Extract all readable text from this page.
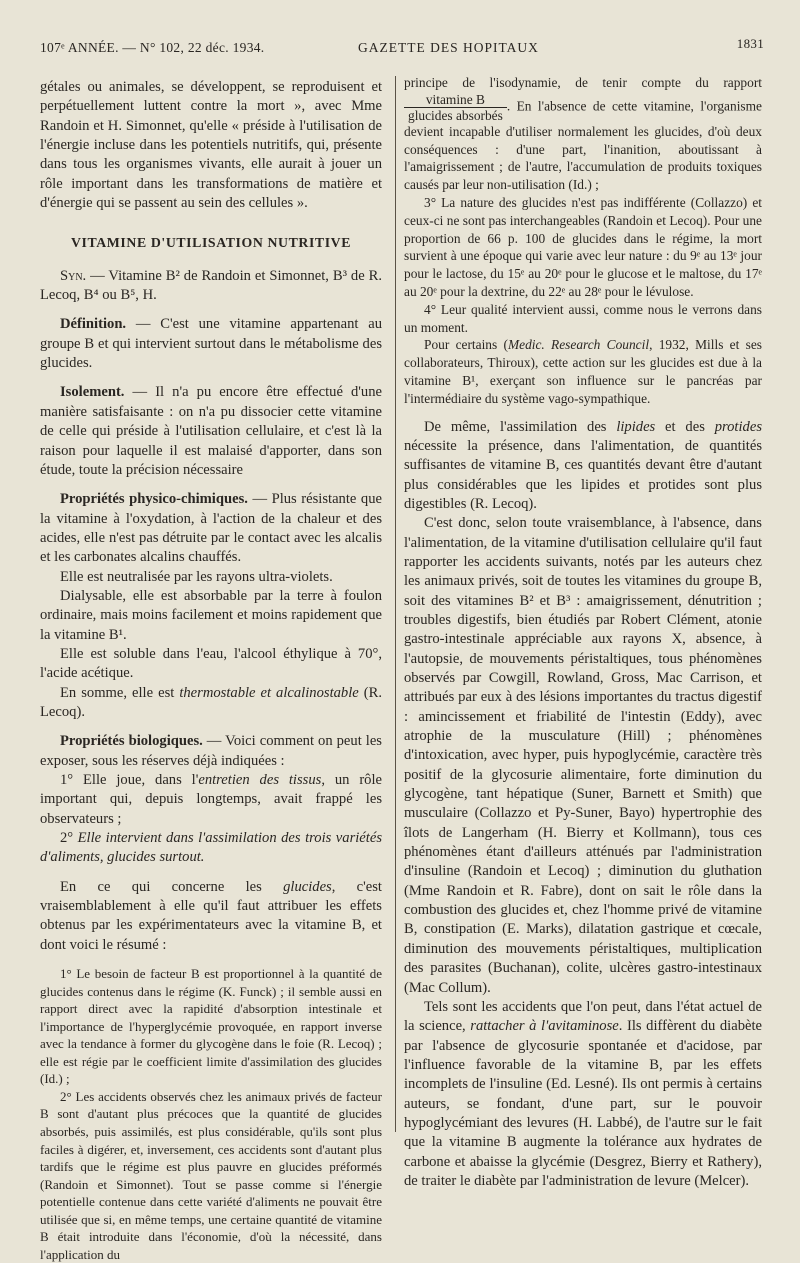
107ᵉ ANNÉE. — N° 102, 22 déc. 1934.	GAZETTE DES HOPITAUX	1831

gétales ou animales, se développent, se reproduisent et perpétuellement luttent contre la mort », avec Mme Randoin et H. Simonnet, qu'elle « préside à l'utilisation de l'énergie incluse dans les potentiels nutritifs, qui, présente dans tous les organismes vivants, elle aurait à jouer un rôle important dans les transformations de matière et d'énergie qui se passent au sein des cellules ».

VITAMINE D'UTILISATION NUTRITIVE

Syn. — Vitamine B² de Randoin et Simonnet, B³ de R. Lecoq, B⁴ ou B⁵, H.

Définition. — C'est une vitamine appartenant au groupe B et qui intervient surtout dans le métabolisme des glucides.

Isolement. — Il n'a pu encore être effectué d'une manière satisfaisante : on n'a pu dissocier cette vitamine de celle qui préside à l'utilisation cellulaire, et c'est là la raison pour laquelle il est malaisé d'apporter, dans son étude, toute la précision nécessaire

Propriétés physico-chimiques. — Plus résistante que la vitamine à l'oxydation, à l'action de la chaleur et des acides, elle n'est pas détruite par le contact avec les alcalis et les carbonates alcalins chauffés.

Elle est neutralisée par les rayons ultra-violets.

Dialysable, elle est absorbable par la terre à foulon ordinaire, mais moins facilement et moins rapidement que la vitamine B¹.

Elle est soluble dans l'eau, l'alcool éthylique à 70°, l'acide acétique.

En somme, elle est thermostable et alcalinostable (R. Lecoq).

Propriétés biologiques. — Voici comment on peut les exposer, sous les réserves déjà indiquées :

1° Elle joue, dans l'entretien des tissus, un rôle important qui, depuis longtemps, avait frappé les observateurs ;

2° Elle intervient dans l'assimilation des trois variétés d'aliments, glucides surtout.

En ce qui concerne les glucides, c'est vraisemblablement à elle qu'il faut attribuer les effets obtenus par les expérimentateurs avec la vitamine B, et dont voici le résumé :

1° Le besoin de facteur B est proportionnel à la quantité de glucides contenus dans le régime (K. Funck) ; il semble aussi en rapport direct avec la rapidité d'absorption intestinale et l'importance de l'hyperglycémie provoquée, en rapport inverse avec la tendance à former du glycogène dans le foie (R. Lecoq) ; elle est régie par le coefficient limite d'assimilation des glucides (Id.) ;

2° Les accidents observés chez les animaux privés de facteur B sont d'autant plus précoces que la quantité de glucides absorbés, puis assimilés, est plus considérable, qu'ils sont plus faciles à digérer, et, inversement, ces accidents sont d'autant plus tardifs que le régime est plus pauvre en glucides préformés (Randoin et Simonnet). Tout se passe comme si l'énergie potentielle contenue dans cette variété d'aliments ne pouvait être utilisée que si, en même temps, une certaine quantité de vitamine B était introduite dans l'économie, d'où la nécessité, dans l'application du

principe de l'isodynamie, de tenir compte du rapport
$\frac{\text{vitamine B}}{\text{glucides absorbés}}$ . En l'absence de cette vitamine, l'organisme devient incapable d'utiliser normalement les glucides, d'où deux conséquences : d'une part, l'inanition, aboutissant à l'amaigrissement ; de l'autre, l'accumulation de produits toxiques causés par leur non-utilisation (Id.) ;

3° La nature des glucides n'est pas indifférente (Collazzo) et ceux-ci ne sont pas interchangeables (Randoin et Lecoq). Pour une proportion de 66 p. 100 de glucides dans le régime, la mort survient à une époque qui varie avec leur nature : du 9ᵉ au 13ᵉ jour pour le lactose, du 15ᵉ au 20ᵉ pour le glucose et le maltose, du 17ᵉ au 20ᵉ pour la dextrine, du 22ᵉ au 28ᵉ pour le lévulose.

4° Leur qualité intervient aussi, comme nous le verrons dans un moment.

Pour certains (Medic. Research Council, 1932, Mills et ses collaborateurs, Thiroux), cette action sur les glucides est due à la vitamine B¹, exerçant son influence sur le pancréas par l'intermédiaire du système vago-sympathique.

De même, l'assimilation des lipides et des protides nécessite la présence, dans l'alimentation, de quantités suffisantes de vitamine B, ces quantités devant être d'autant plus considérables que les lipides et protides sont plus digestibles (R. Lecoq).

C'est donc, selon toute vraisemblance, à l'absence, dans l'alimentation, de la vitamine d'utilisation cellulaire qu'il faut rapporter les accidents suivants, notés par les auteurs chez les animaux privés, soit de toutes les vitamines du groupe B, soit des vitamines B² et B³ : amaigrissement, dénutrition ; troubles digestifs, bien étudiés par Robert Clément, atonie gastro-intestinale appréciable aux rayons X, absence, à l'autopsie, de mouvements péristaltiques, tous phénomènes observés par Cowgill, Rowland, Gross, Mac Carrison, et attribués par eux à des lésions importantes du tractus digestif : amincissement et friabilité de l'intestin (Eddy), avec atrophie de la musculature (Hill) ; phénomènes d'intoxication, avec hyper, puis hypoglycémie, caractère très positif de la glycosurie alimentaire, forte diminution du glycogène, tant hépatique (Suner, Barnett et Smith) que musculaire (Collazzo et Py-Suner, Bayo) hypertrophie des îlots de Langerham (H. Bierry et Kollmann), tous ces phénomènes étant d'ailleurs atténués par l'administration d'insuline (Randoin et Lecoq) ; diminution du gluthation (Mme Randoin et R. Fabre), dont on sait le rôle dans la combustion des glucides et, chez l'homme privé de vitamine B, constipation (E. Marks), dilatation gastrique et cœcale, diminution des mouvements péristaltiques, multiplication des parasites (Buchanan), colite, ulcères gastro-intestinaux (Mac Collum).

Tels sont les accidents que l'on peut, dans l'état actuel de la science, rattacher à l'avitaminose. Ils diffèrent du diabète par l'absence de glycosurie spontanée et d'acidose, par l'influence favorable de la vitamine B, par les effets incomplets de l'insuline (Ed. Lesné). Ils ont permis à certains auteurs, se fondant, d'une part, sur le pouvoir hypoglycémiant des levures (H. Labbé), de l'autre sur le fait que la vitamine B augmente la tolérance aux hydrates de carbone et abaisse la glycémie (Desgrez, Bierry et Rathery), de traiter le diabète par l'administration de levure (Melcer).
